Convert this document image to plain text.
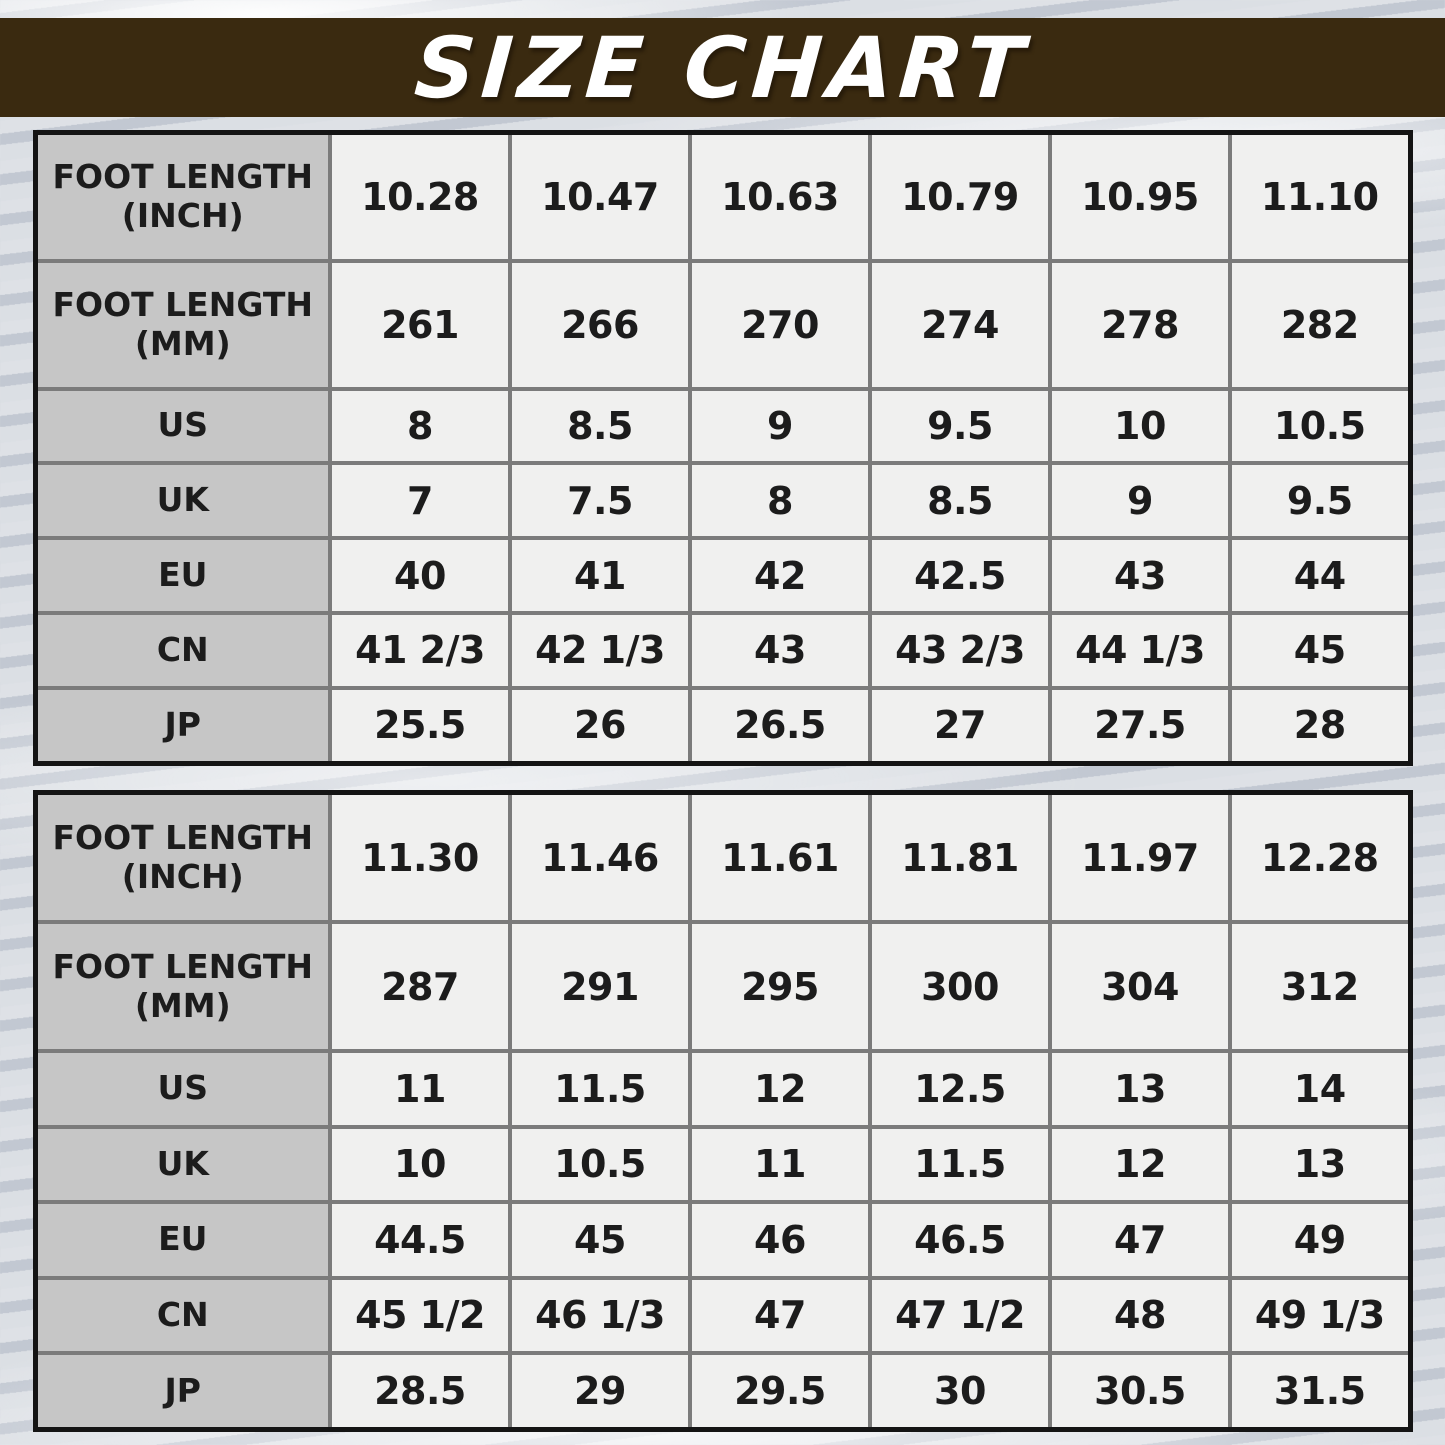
SIZE CHART
FOOT LENGTH (INCH)	10.28	10.47	10.63	10.79	10.95	11.10
FOOT LENGTH (MM)	261	266	270	274	278	282
US	8	8.5	9	9.5	10	10.5
UK	7	7.5	8	8.5	9	9.5
EU	40	41	42	42.5	43	44
CN	41 2/3	42 1/3	43	43 2/3	44 1/3	45
JP	25.5	26	26.5	27	27.5	28
FOOT LENGTH (INCH)	11.30	11.46	11.61	11.81	11.97	12.28
FOOT LENGTH (MM)	287	291	295	300	304	312
US	11	11.5	12	12.5	13	14
UK	10	10.5	11	11.5	12	13
EU	44.5	45	46	46.5	47	49
CN	45 1/2	46 1/3	47	47 1/2	48	49 1/3
JP	28.5	29	29.5	30	30.5	31.5
